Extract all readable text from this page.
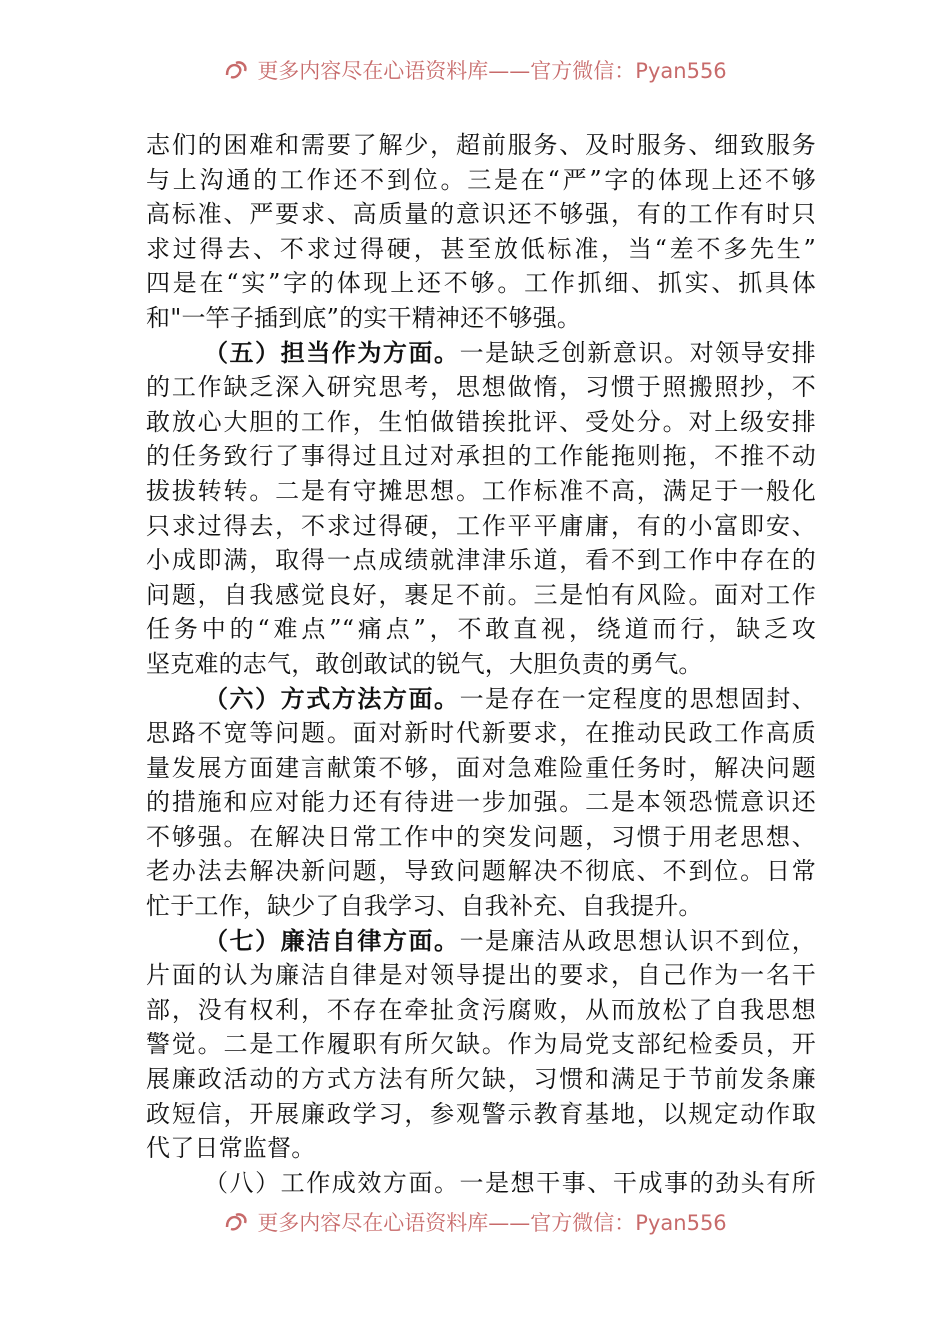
更多内容尽在心语资料库——官方微信：Pyan556
志们的困难和需要了解少，超前服务、及时服务、细致服务
与上沟通的工作还不到位。三是在“严”字的体现上还不够
高标准、严要求、高质量的意识还不够强，有的工作有时只
求过得去、不求过得硬，甚至放低标准，当“差不多先生”
四是在“实”字的体现上还不够。工作抓细、抓实、抓具体
和"一竿子插到底”的实干精神还不够强。
（五）担当作为方面。一是缺乏创新意识。对领导安排
的工作缺乏深入研究思考，思想做惰，习惯于照搬照抄，不
敢放心大胆的工作，生怕做错挨批评、受处分。对上级安排
的任务致行了事得过且过对承担的工作能拖则拖，不推不动
拔拔转转。二是有守摊思想。工作标准不高，满足于一般化
只求过得去，不求过得硬，工作平平庸庸，有的小富即安、
小成即满，取得一点成绩就津津乐道，看不到工作中存在的
问题，自我感觉良好，裹足不前。三是怕有风险。面对工作
任务中的“难点”“痛点”，不敢直视，绕道而行，缺乏攻
坚克难的志气，敢创敢试的锐气，大胆负责的勇气。
（六）方式方法方面。一是存在一定程度的思想固封、
思路不宽等问题。面对新时代新要求，在推动民政工作高质
量发展方面建言献策不够，面对急难险重任务时，解决问题
的措施和应对能力还有待进一步加强。二是本领恐慌意识还
不够强。在解决日常工作中的突发问题，习惯于用老思想、
老办法去解决新问题，导致问题解决不彻底、不到位。日常
忙于工作，缺少了自我学习、自我补充、自我提升。
（七）廉洁自律方面。一是廉洁从政思想认识不到位，
片面的认为廉洁自律是对领导提出的要求，自己作为一名干
部，没有权利，不存在牵扯贪污腐败，从而放松了自我思想
警觉。二是工作履职有所欠缺。作为局党支部纪检委员，开
展廉政活动的方式方法有所欠缺，习惯和满足于节前发条廉
政短信，开展廉政学习，参观警示教育基地，以规定动作取
代了日常监督。
（八）工作成效方面。一是想干事、干成事的劲头有所
更多内容尽在心语资料库——官方微信：Pyan556
